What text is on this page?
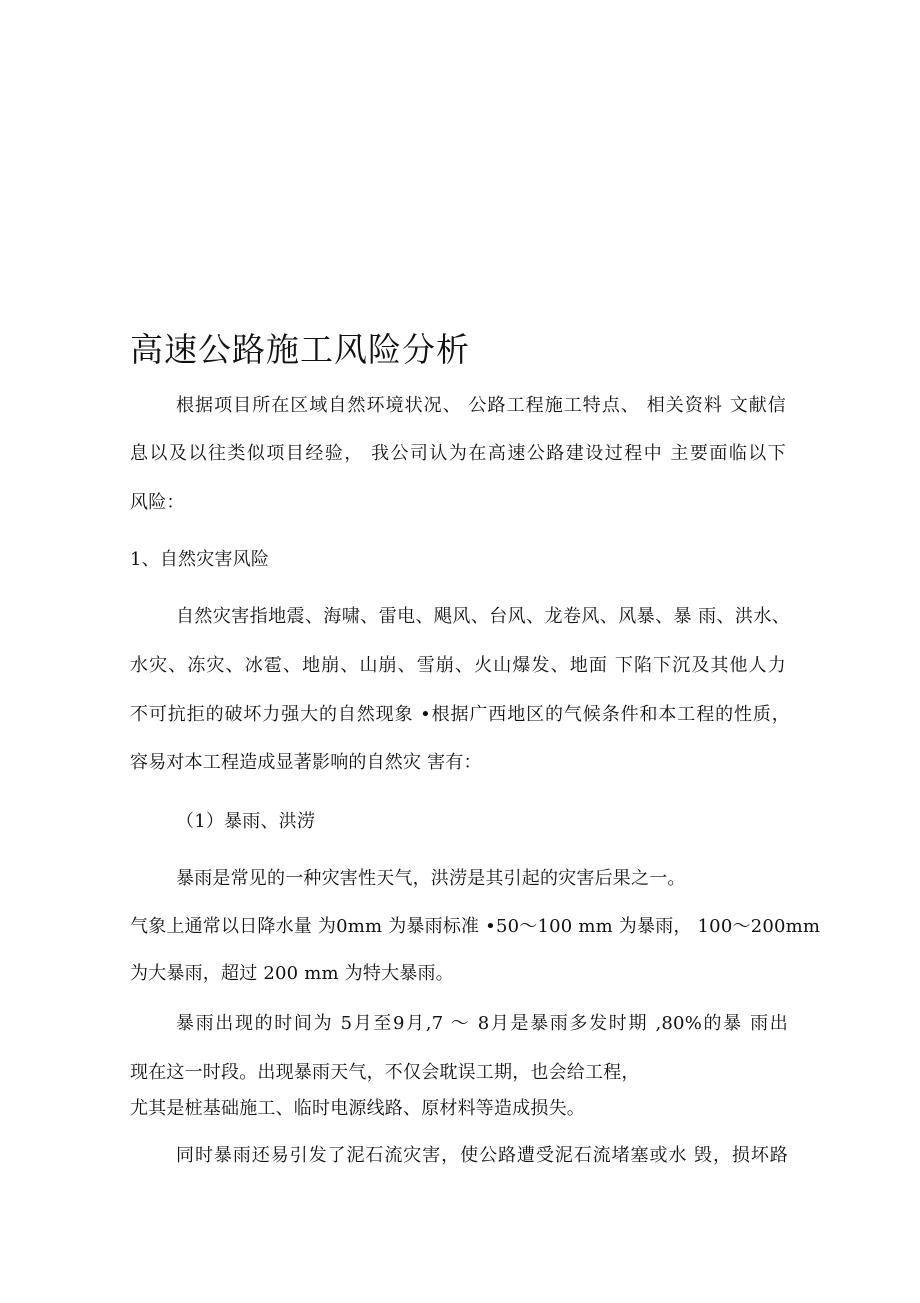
高速公路施工风险分析
根据项目所在区域自然环境状况、 公路工程施工特点、 相关资料 文献信
息以及以往类似项目经验， 我公司认为在高速公路建设过程中 主要面临以下
风险：
1、自然灾害风险
自然灾害指地震、海啸、雷电、飓风、台风、龙卷风、风暴、暴 雨、洪水、
水灾、冻灾、冰雹、地崩、山崩、雪崩、火山爆发、地面 下陷下沉及其他人力
不可抗拒的破坏力强大的自然现象 •根据广西地区的气候条件和本工程的性质，
容易对本工程造成显著影响的自然灾 害有：
（1）暴雨、洪涝
暴雨是常见的一种灾害性天气，洪涝是其引起的灾害后果之一。
气象上通常以日降水量 为0mm 为暴雨标准 •50～100 mm 为暴雨， 100～200mm
为大暴雨，超过 200 mm 为特大暴雨。
暴雨出现的时间为 5月至9月,7 ～ 8月是暴雨多发时期 ,80%的暴 雨出
现在这一时段。出现暴雨天气，不仅会耽误工期，也会给工程，
尤其是桩基础施工、临时电源线路、原材料等造成损失。
同时暴雨还易引发了泥石流灾害，使公路遭受泥石流堵塞或水 毁，损坏路
